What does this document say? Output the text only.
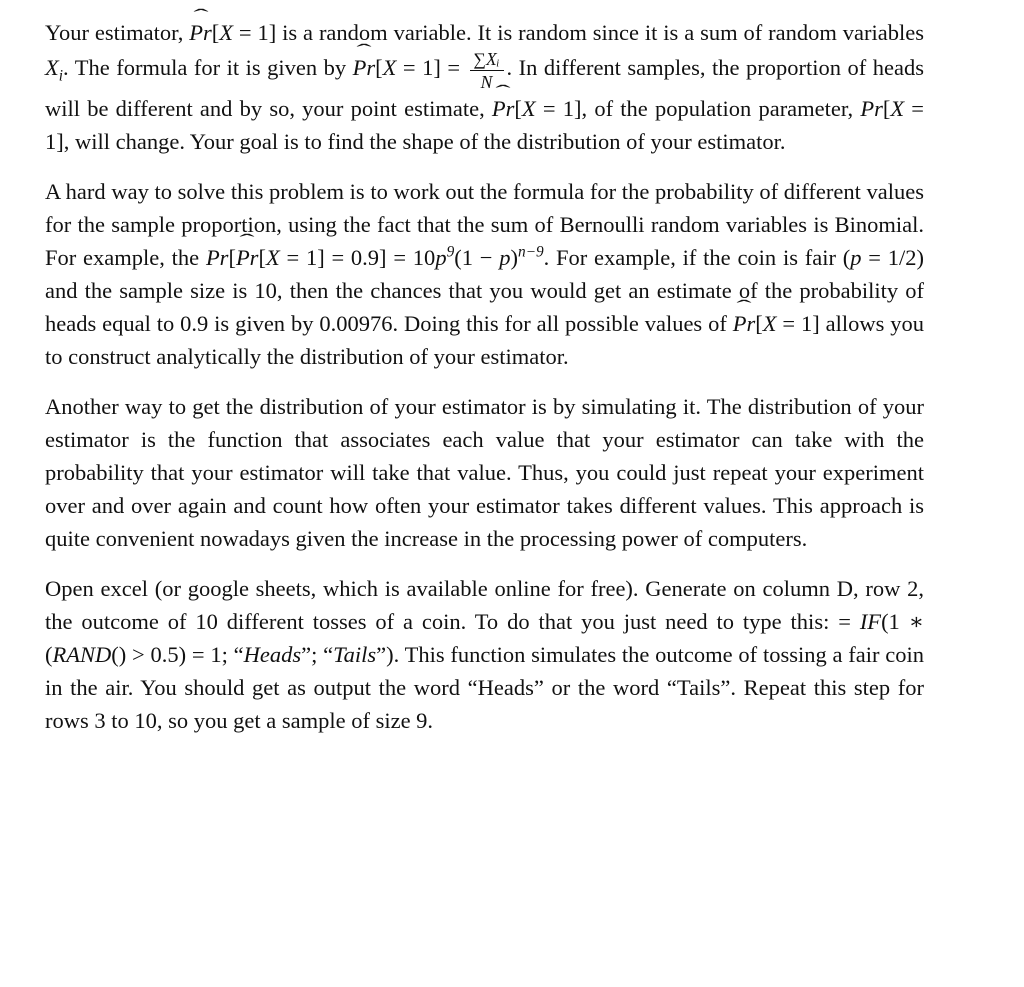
Your estimator, ˆ Pr[X = 1] is a random variable. It is random since it is a sum of random variables $X_i$. The formula for it is given by ˆ $Pr[X = 1] = \frac{\text{∑Xᵢ}}{N}$ . In different samples, the proportion of heads will be different and by so, your point estimate, ˆ Pr[X = 1], of the population parameter, Pr[X = 1], will change. Your goal is to find the shape of the distribution of your estimator.

A hard way to solve this problem is to work out the formula for the probability of different values for the sample proportion, using the fact that the sum of Bernoulli random variables is Binomial. For example, the Pr[ˆ $Pr[X = 1] = 0.9] = 10p^9(1 - p)^{n-9}$. For example, if the coin is fair (p = 1/2) and the sample size is 10, then the chances that you would get an estimate of the probability of heads equal to 0.9 is given by 0.00976. Doing this for all possible values of ˆ Pr[X = 1] allows you to construct analytically the distribution of your estimator.

Another way to get the distribution of your estimator is by simulating it. The distribution of your estimator is the function that associates each value that your estimator can take with the probability that your estimator will take that value. Thus, you could just repeat your experiment over and over again and count how often your estimator takes different values. This approach is quite convenient nowadays given the increase in the processing power of computers.

Open excel (or google sheets, which is available online for free). Generate on column D, row 2, the outcome of 10 different tosses of a coin. To do that you just need to type this: = IF(1 ∗ (RAND() > 0.5) = 1; “Heads”; “Tails”). This function simulates the outcome of tossing a fair coin in the air. You should get as output the word “Heads” or the word “Tails”. Repeat this step for rows 3 to 10, so you get a sample of size 9.
